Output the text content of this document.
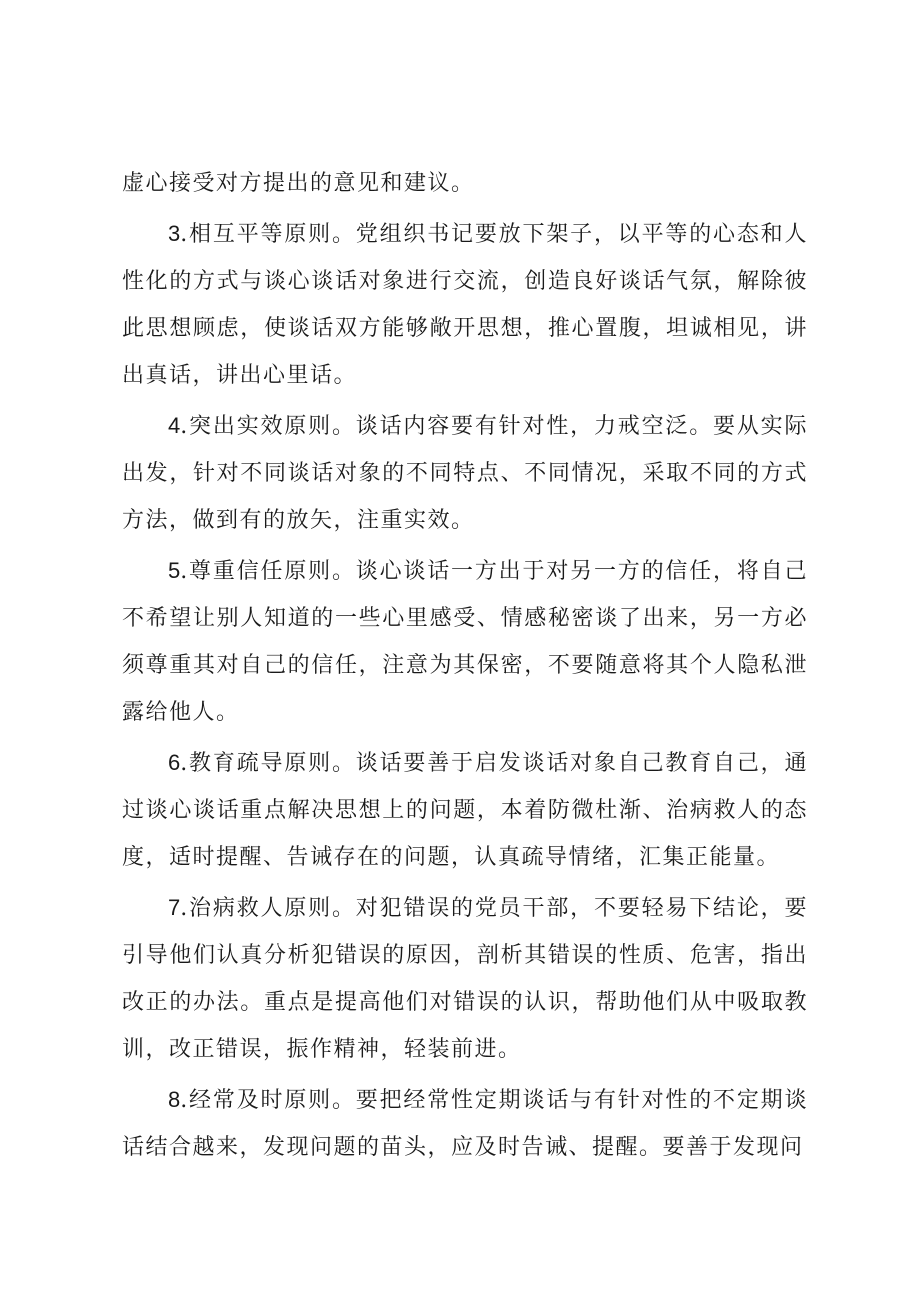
虚心接受对方提出的意见和建议。

3.相互平等原则。党组织书记要放下架子，以平等的心态和人性化的方式与谈心谈话对象进行交流，创造良好谈话气氛，解除彼此思想顾虑，使谈话双方能够敞开思想，推心置腹，坦诚相见，讲出真话，讲出心里话。

4.突出实效原则。谈话内容要有针对性，力戒空泛。要从实际出发，针对不同谈话对象的不同特点、不同情况，采取不同的方式方法，做到有的放矢，注重实效。

5.尊重信任原则。谈心谈话一方出于对另一方的信任，将自己不希望让别人知道的一些心里感受、情感秘密谈了出来，另一方必须尊重其对自己的信任，注意为其保密，不要随意将其个人隐私泄露给他人。

6.教育疏导原则。谈话要善于启发谈话对象自己教育自己，通过谈心谈话重点解决思想上的问题，本着防微杜渐、治病救人的态度，适时提醒、告诫存在的问题，认真疏导情绪，汇集正能量。

7.治病救人原则。对犯错误的党员干部，不要轻易下结论，要引导他们认真分析犯错误的原因，剖析其错误的性质、危害，指出改正的办法。重点是提高他们对错误的认识，帮助他们从中吸取教训，改正错误，振作精神，轻装前进。

8.经常及时原则。要把经常性定期谈话与有针对性的不定期谈话结合越来，发现问题的苗头，应及时告诫、提醒。要善于发现问
